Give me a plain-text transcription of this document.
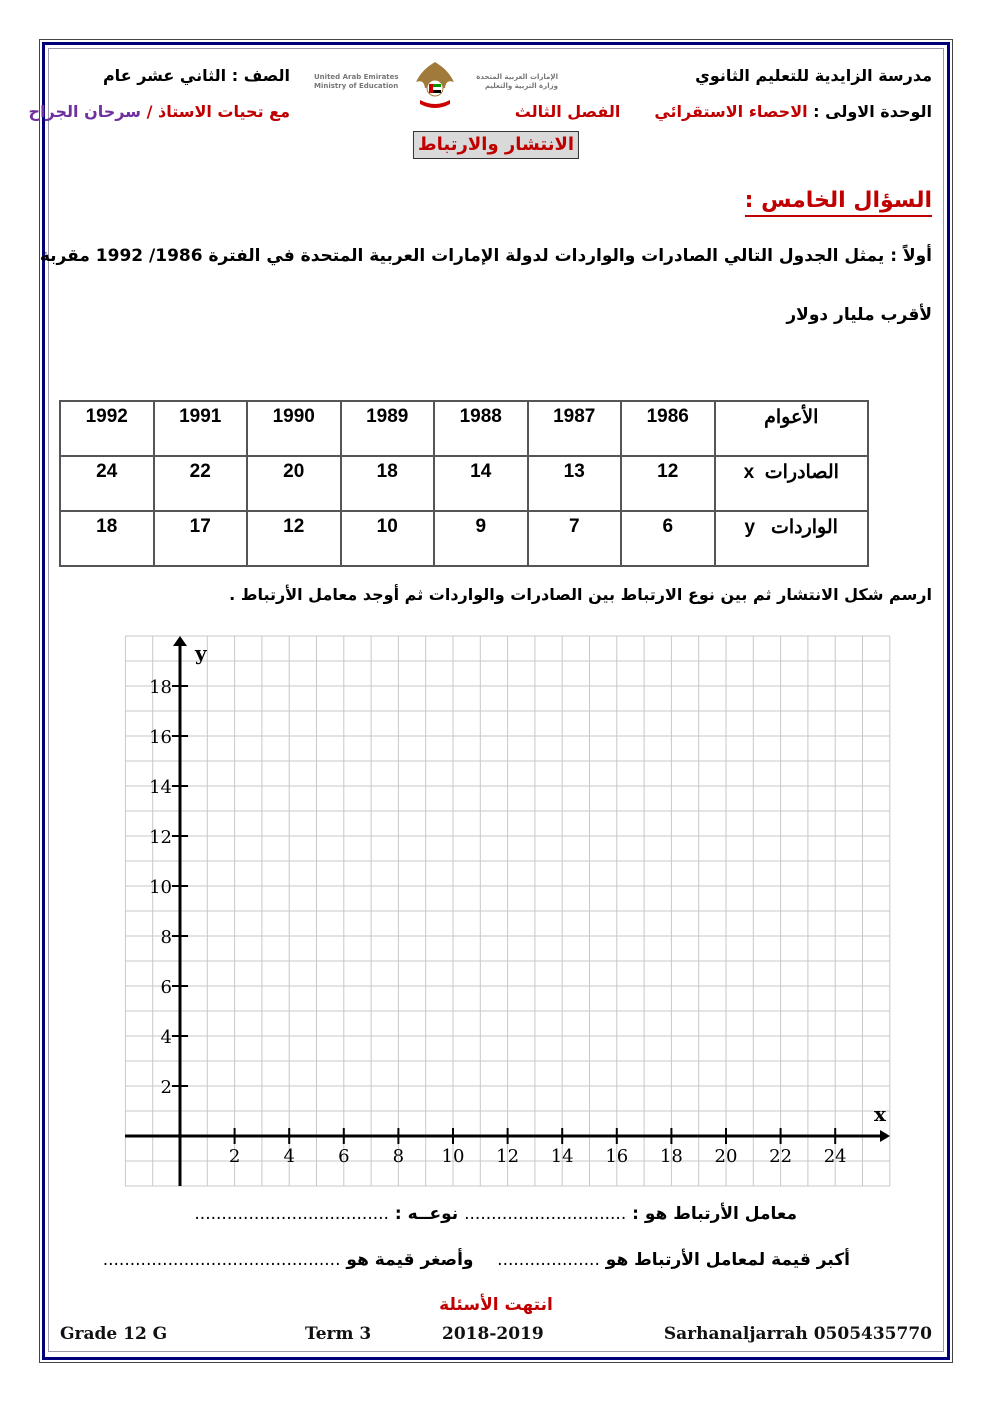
مدرسة الزايدية للتعليم الثانوي
الصف : الثاني عشر عام
الوحدة الاولى : الاحصاء الاستقرائي
الفصل الثالث
مع تحيات الاستاذ / سرحان الجراح
United Arab Emirates Ministry of Education
الإمارات العربية المتحدة وزارة التربية والتعليم
الانتشار والارتباط
السؤال الخامس :
أولاً : يمثل الجدول التالي الصادرات والواردات لدولة الإمارات العربية المتحدة في الفترة 1986/ 1992 مقربة
لأقرب مليار دولار
1992	1991	1990	1989	1988	1987	1986	الأعوام
24	22	20	18	14	13	12	الصادرات  x
18	17	12	10	9	7	6	الواردات   y
ارسم شكل الانتشار ثم بين نوع الارتباط بين الصادرات والواردات ثم أوجد معامل الأرتباط .
x
y
2 4 6 8 10 12 14 16 18 20 22 24
2
4
6
8
10
12
14
16
18
معامل الأرتباط هو : .............................. نوعــه : ....................................
أكبر قيمة لمعامل الأرتباط هو ...................    وأصغر قيمة هو ............................................
انتهت الأسئلة
Grade 12 G	Term 3	2018-2019	Sarhanaljarrah 0505435770
